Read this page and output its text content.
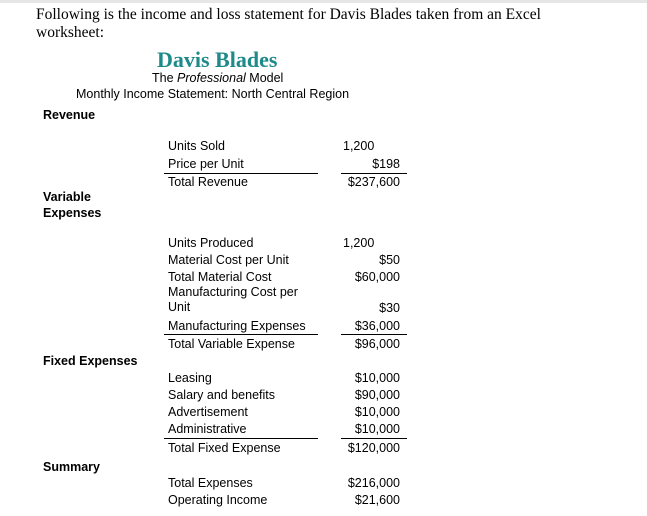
Following is the income and loss statement for Davis Blades taken from an Excel worksheet:
Davis Blades
The Professional Model
Monthly Income Statement: North Central Region
Revenue
Units Sold	1,200
Price per Unit	$198
Total Revenue	$237,600
Variable Expenses
Units Produced	1,200
Material Cost per Unit	$50
Total Material Cost	$60,000
Manufacturing Cost per Unit	$30
Manufacturing Expenses	$36,000
Total Variable Expense	$96,000
Fixed Expenses
Leasing	$10,000
Salary and benefits	$90,000
Advertisement	$10,000
Administrative	$10,000
Total Fixed Expense	$120,000
Summary
Total Expenses	$216,000
Operating Income	$21,600
